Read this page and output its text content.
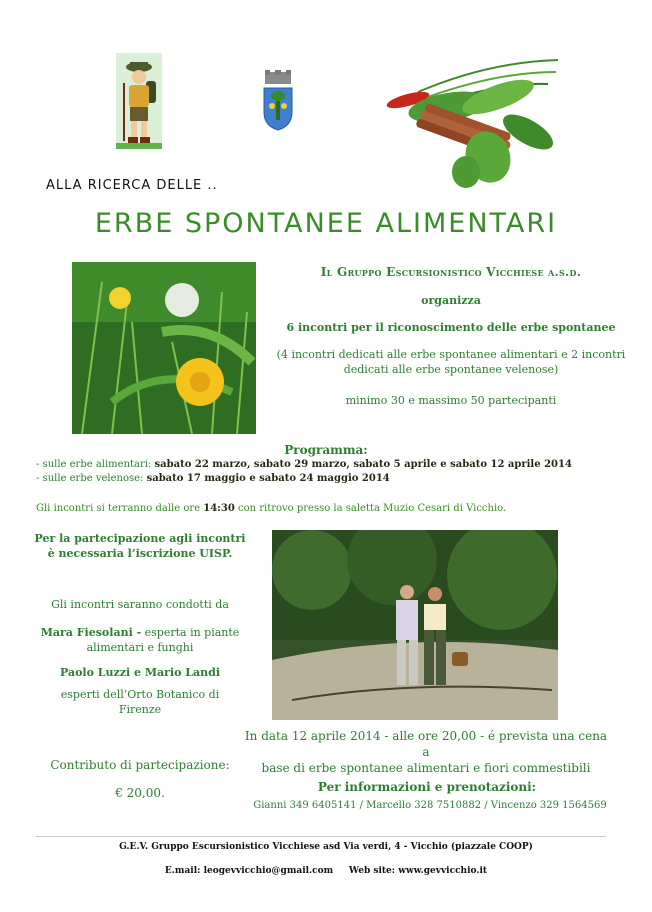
ALLA RICERCA DELLE ..
ERBE SPONTANEE ALIMENTARI
Il Gruppo Escursionistico Vicchiese a.s.d.
organizza
6 incontri per il riconoscimento delle erbe spontanee
(4 incontri dedicati alle erbe spontanee alimentari e 2 incontri dedicati alle erbe spontanee velenose)
minimo 30 e massimo 50 partecipanti
Programma:
- sulle erbe alimentari: sabato 22 marzo, sabato 29 marzo, sabato 5 aprile e sabato 12 aprile 2014
- sulle erbe velenose: sabato 17 maggio e sabato 24 maggio 2014
Gli incontri si terranno dalle ore 14:30 con ritrovo presso la saletta Muzio Cesari di Vicchio.
Per la partecipazione agli incontri
è necessaria l’iscrizione UISP.
Gli incontri saranno condotti da
Mara Fiesolani - esperta in piante
alimentari e funghi
Paolo Luzzi e Mario Landi
esperti dell’Orto Botanico di
Firenze
Contributo di partecipazione:
€ 20,00.
In data 12 aprile 2014 - alle ore 20,00 - é prevista una cena a
base di erbe spontanee alimentari e fiori commestibili
Per informazioni e prenotazioni:
Gianni 349 6405141 / Marcello 328 7510882 / Vincenzo 329 1564569
G.E.V. Gruppo Escursionistico Vicchiese asd Via verdi, 4 - Vicchio (piazzale COOP)
E.mail: leogevvicchio@gmail.com Web site: www.gevvicchio.it
